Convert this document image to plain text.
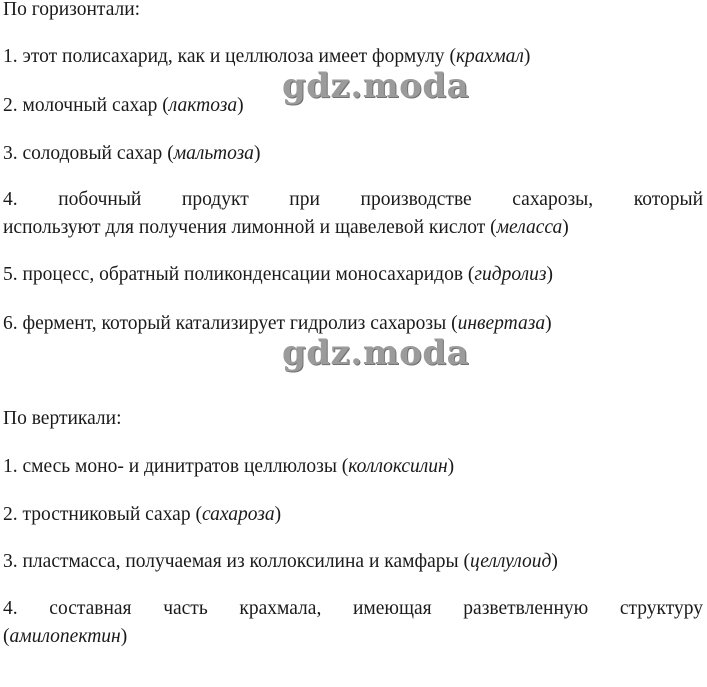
По горизонтали:
1. этот полисахарид, как и целлюлоза имеет формулу (крахмал)
2. молочный сахар (лактоза)
3. солодовый сахар (мальтоза)
4. побочный продукт при производстве сахарозы, который
используют для получения лимонной и щавелевой кислот (меласса)
5. процесс, обратный поликонденсации моносахаридов (гидролиз)
6. фермент, который катализирует гидролиз сахарозы (инвертаза)
По вертикали:
1. смесь моно- и динитратов целлюлозы (коллоксилин)
2. тростниковый сахар (сахароза)
3. пластмасса, получаемая из коллоксилина и камфары (целлулоид)
4. составная часть крахмала, имеющая разветвленную структуру
(амилопектин)
gdz.moda
gdz.moda
